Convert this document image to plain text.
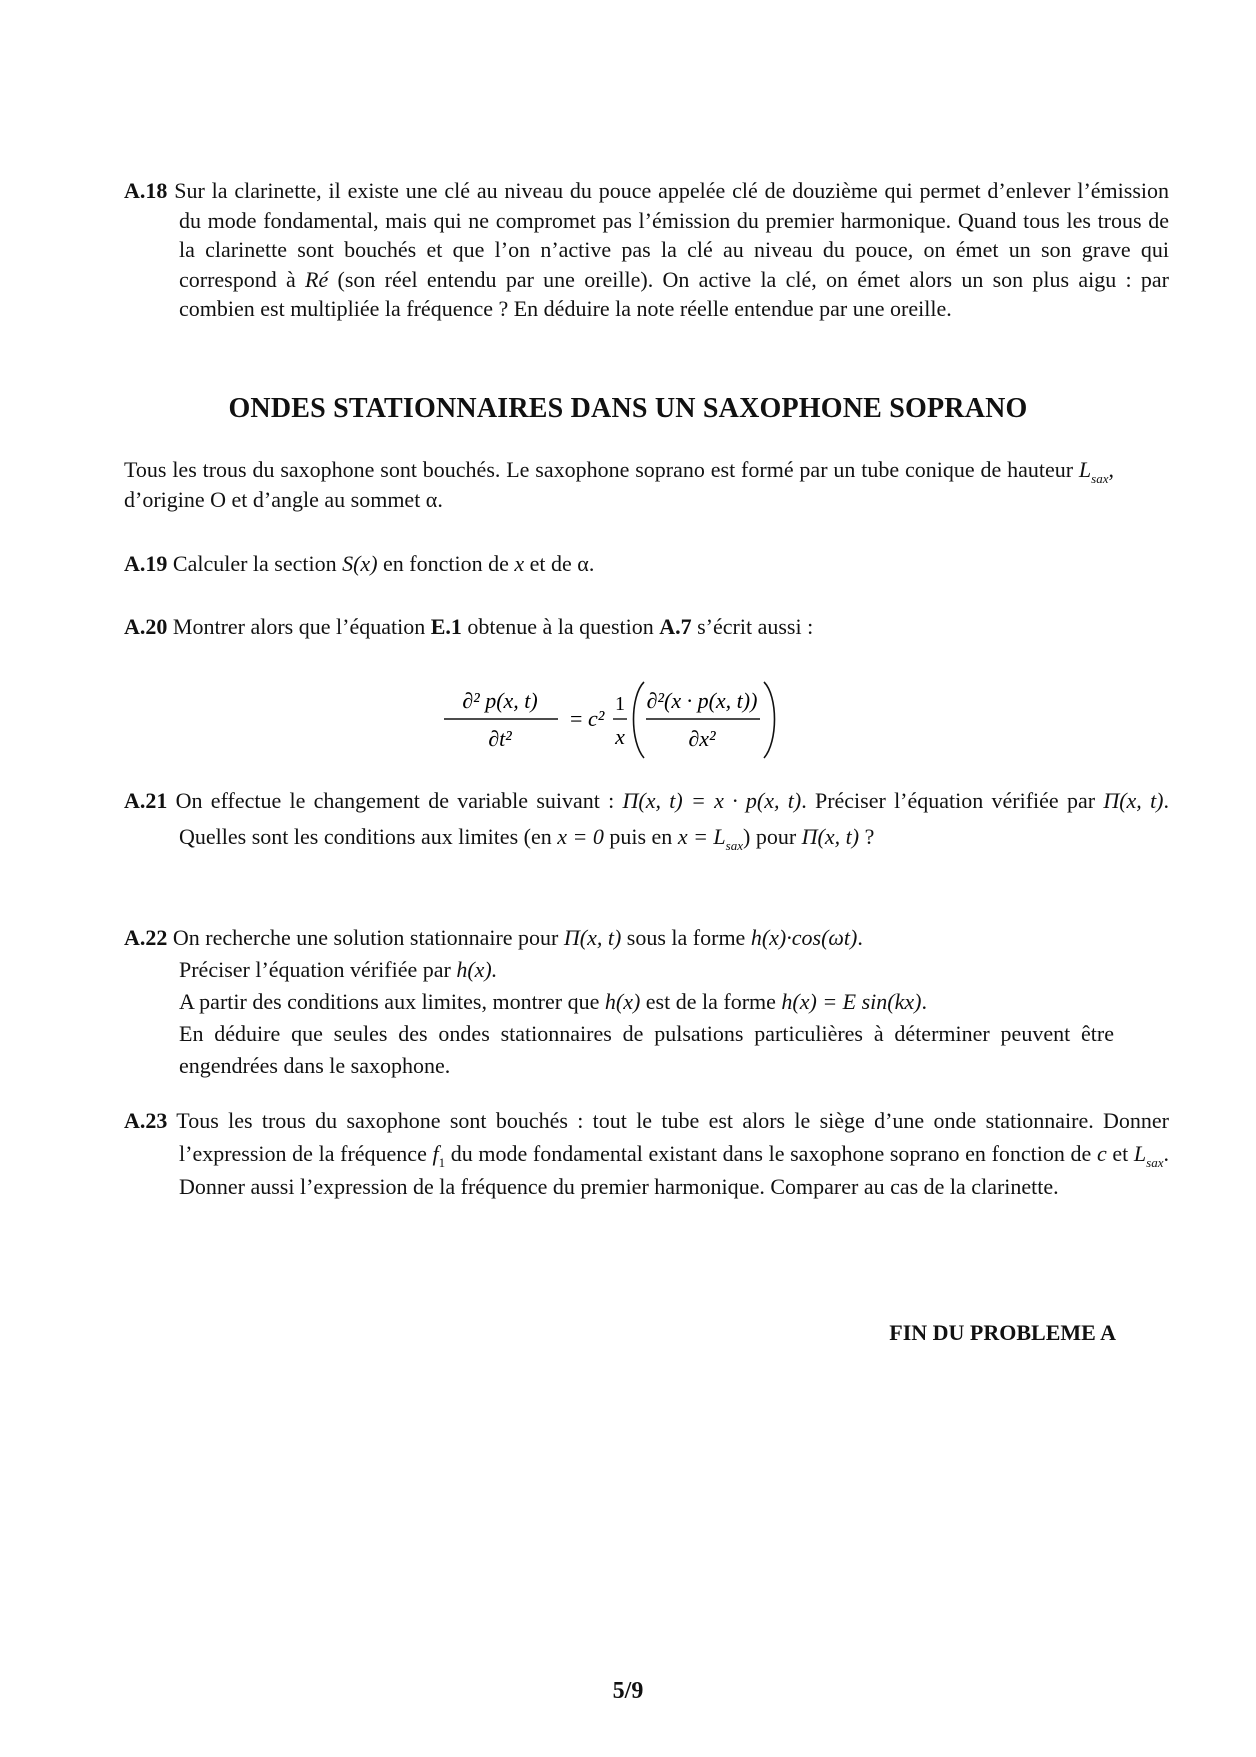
A.18 Sur la clarinette, il existe une clé au niveau du pouce appelée clé de douzième qui permet d’enlever l’émission du mode fondamental, mais qui ne compromet pas l’émission du premier harmonique. Quand tous les trous de la clarinette sont bouchés et que l’on n’active pas la clé au niveau du pouce, on émet un son grave qui correspond à Ré (son réel entendu par une oreille). On active la clé, on émet alors un son plus aigu : par combien est multipliée la fréquence ? En déduire la note réelle entendue par une oreille.
ONDES STATIONNAIRES DANS UN SAXOPHONE SOPRANO
Tous les trous du saxophone sont bouchés. Le saxophone soprano est formé par un tube conique de hauteur $L_{sax}$, d’origine O et d’angle au sommet α.
A.19 Calculer la section S(x) en fonction de x et de α.
A.20 Montrer alors que l’équation E.1 obtenue à la question A.7 s’écrit aussi :
∂² p(x, t)
∂t²
= c²
1
x
∂²(x · p(x, t))
∂x²
A.21 On effectue le changement de variable suivant : Π(x, t) = x · p(x, t). Préciser l’équation vérifiée par Π(x, t). Quelles sont les conditions aux limites (en x = 0 puis en $x = L_{sax}$) pour Π(x, t) ?
A.22 On recherche une solution stationnaire pour Π(x, t) sous la forme h(x)·cos(ωt).
Préciser l’équation vérifiée par h(x).
A partir des conditions aux limites, montrer que h(x) est de la forme h(x) = E sin(kx).
En déduire que seules des ondes stationnaires de pulsations particulières à déterminer peuvent être engendrées dans le saxophone.
A.23 Tous les trous du saxophone sont bouchés : tout le tube est alors le siège d’une onde stationnaire. Donner l’expression de la fréquence $f_1$ du mode fondamental existant dans le saxophone soprano en fonction de c et $L_{sax}$. Donner aussi l’expression de la fréquence du premier harmonique. Comparer au cas de la clarinette.
FIN DU PROBLEME A
5/9
